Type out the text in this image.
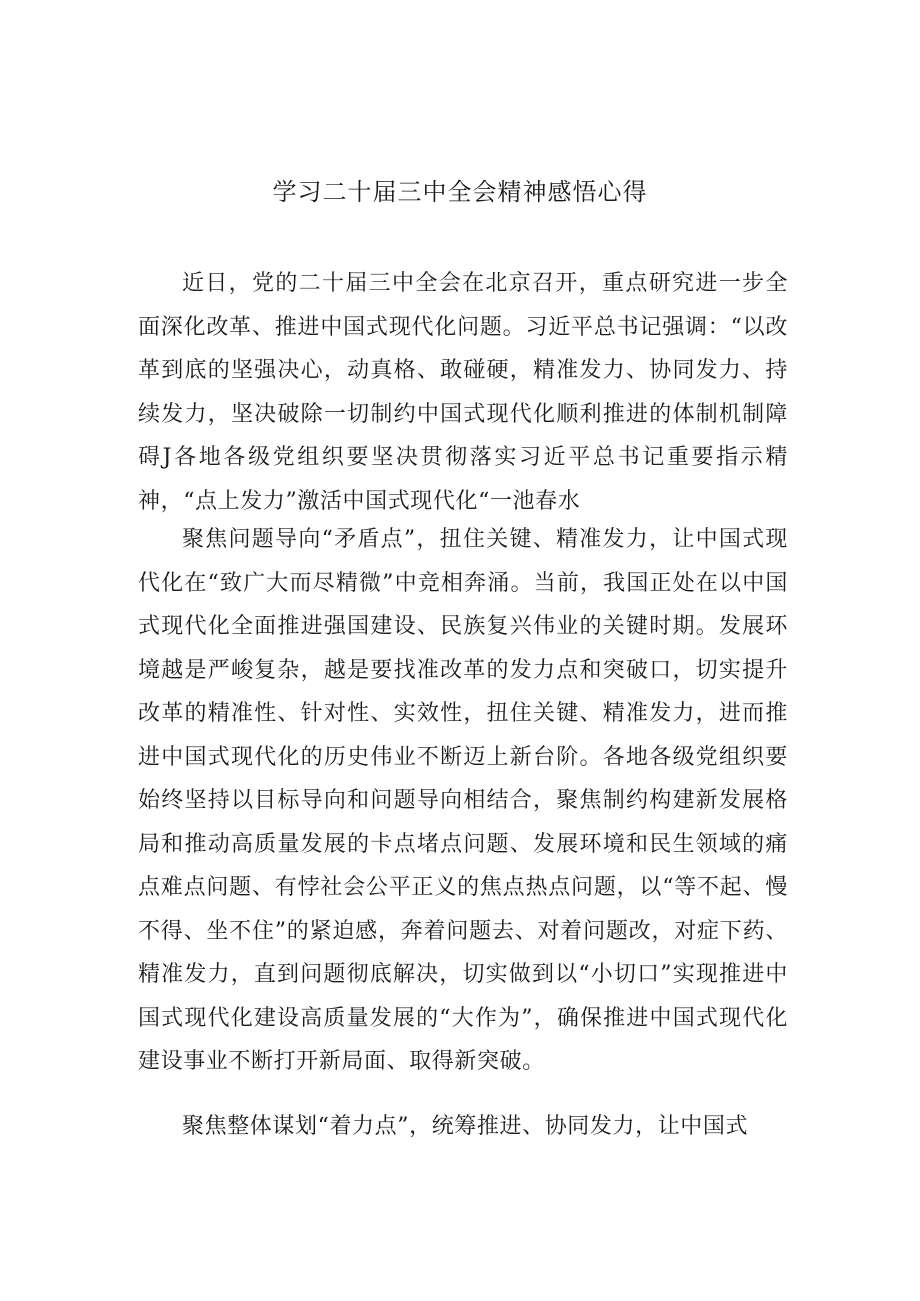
学习二十届三中全会精神感悟心得

近日，党的二十届三中全会在北京召开，重点研究进一步全面深化改革、推进中国式现代化问题。习近平总书记强调：“以改革到底的坚强决心，动真格、敢碰硬，精准发力、协同发力、持续发力，坚决破除一切制约中国式现代化顺利推进的体制机制障碍J各地各级党组织要坚决贯彻落实习近平总书记重要指示精神，“点上发力”激活中国式现代化“一池春水

聚焦问题导向“矛盾点”，扭住关键、精准发力，让中国式现代化在“致广大而尽精微”中竞相奔涌。当前，我国正处在以中国式现代化全面推进强国建设、民族复兴伟业的关键时期。发展环境越是严峻复杂，越是要找准改革的发力点和突破口，切实提升改革的精准性、针对性、实效性，扭住关键、精准发力，进而推进中国式现代化的历史伟业不断迈上新台阶。各地各级党组织要始终坚持以目标导向和问题导向相结合，聚焦制约构建新发展格局和推动高质量发展的卡点堵点问题、发展环境和民生领域的痛点难点问题、有悖社会公平正义的焦点热点问题，以“等不起、慢不得、坐不住”的紧迫感，奔着问题去、对着问题改，对症下药、精准发力，直到问题彻底解决，切实做到以“小切口”实现推进中国式现代化建设高质量发展的“大作为”，确保推进中国式现代化建设事业不断打开新局面、取得新突破。

聚焦整体谋划“着力点”，统筹推进、协同发力，让中国式
